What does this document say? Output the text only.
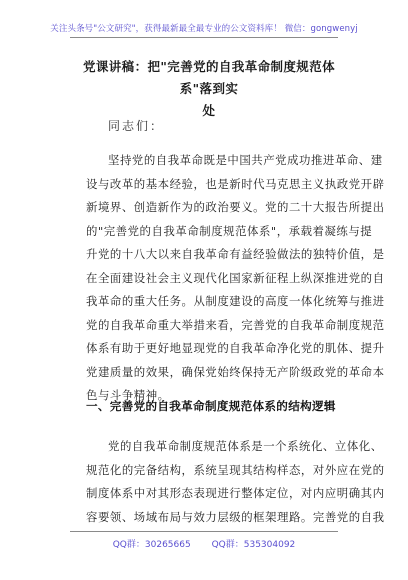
关注头条号"公文研究"，获得最新最全最专业的公文资料库！ 微信：gongwenyj
党课讲稿：把"完善党的自我革命制度规范体系"落到实
处
同志们：
坚持党的自我革命既是中国共产党成功推进革命、建
设与改革的基本经验，也是新时代马克思主义执政党开辟
新境界、创造新作为的政治要义。党的二十大报告所提出
的"完善党的自我革命制度规范体系"，承载着凝练与提
升党的十八大以来自我革命有益经验做法的独特价值，是
在全面建设社会主义现代化国家新征程上纵深推进党的自
我革命的重大任务。从制度建设的高度一体化统筹与推进
党的自我革命重大举措来看，完善党的自我革命制度规范
体系有助于更好地显现党的自我革命净化党的肌体、提升
党建质量的效果，确保党始终保持无产阶级政党的革命本
色与斗争精神。
一、完善党的自我革命制度规范体系的结构逻辑
党的自我革命制度规范体系是一个系统化、立体化、
规范化的完备结构，系统呈现其结构样态，对外应在党的
制度体系中对其形态表现进行整体定位，对内应明确其内
容要领、场域布局与效力层级的框架理路。完善党的自我
QQ群：30265665 QQ群：535304092
